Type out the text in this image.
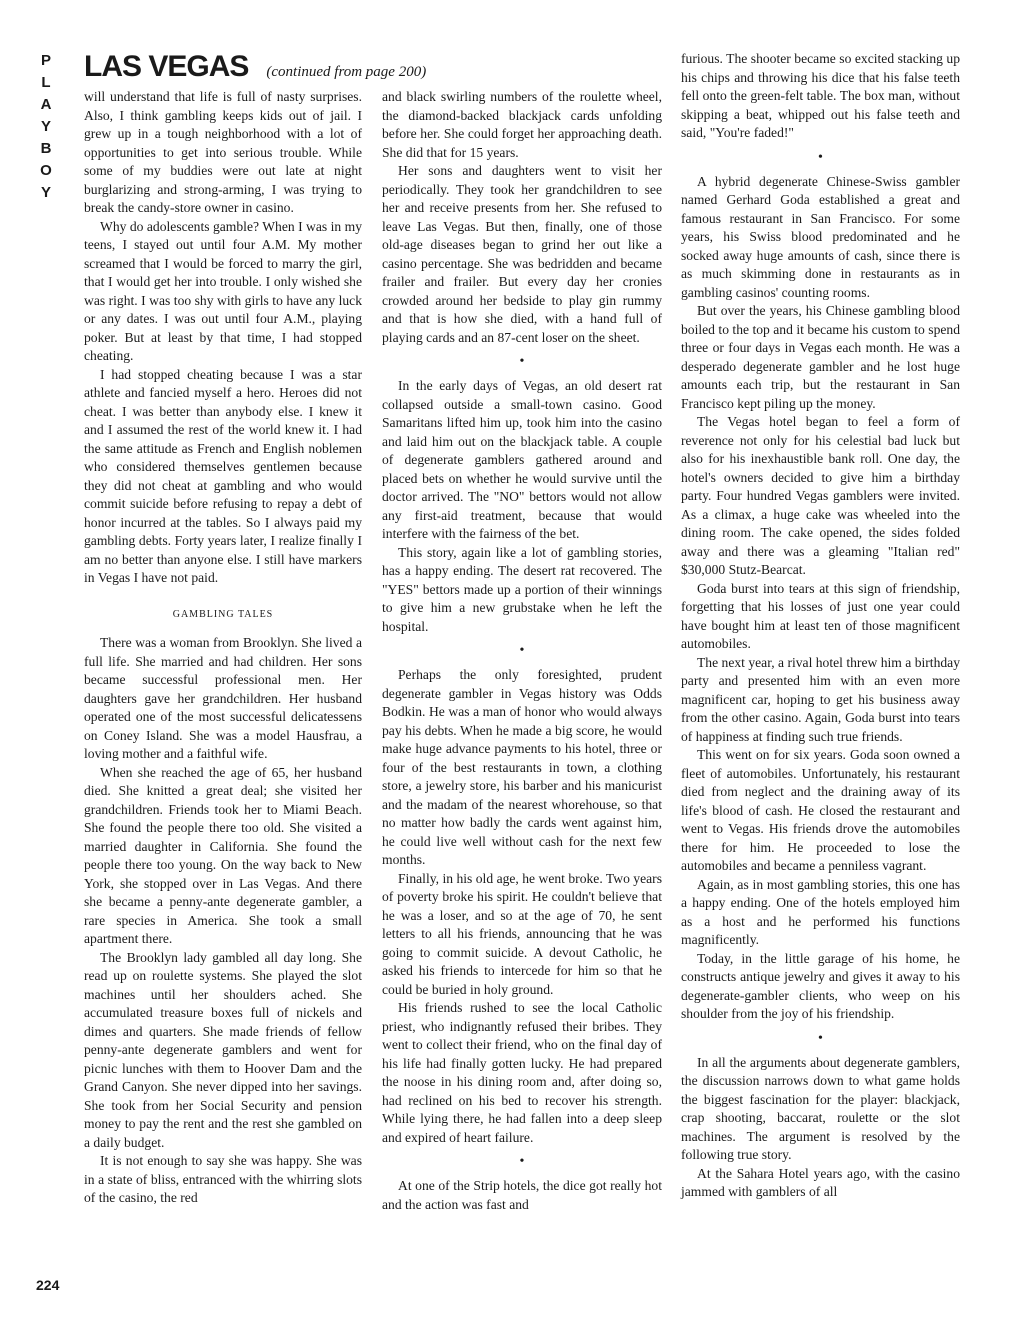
P
L
A
Y
B
O
Y
LAS VEGAS (continued from page 200)

will understand that life is full of nasty surprises. Also, I think gambling keeps kids out of jail. I grew up in a tough neighborhood with a lot of opportunities to get into serious trouble. While some of my buddies were out late at night burglarizing and strong-arming, I was trying to break the candy-store owner in casino.

Why do adolescents gamble? When I was in my teens, I stayed out until four A.M. My mother screamed that I would be forced to marry the girl, that I would get her into trouble. I only wished she was right. I was too shy with girls to have any luck or any dates. I was out until four A.M., playing poker. But at least by that time, I had stopped cheating.

I had stopped cheating because I was a star athlete and fancied myself a hero. Heroes did not cheat. I was better than anybody else. I knew it and I assumed the rest of the world knew it. I had the same attitude as French and English noblemen who considered themselves gentlemen because they did not cheat at gambling and who would commit suicide before refusing to repay a debt of honor incurred at the tables. So I always paid my gambling debts. Forty years later, I realize finally I am no better than anyone else. I still have markers in Vegas I have not paid.

GAMBLING TALES

There was a woman from Brooklyn. She lived a full life. She married and had children. Her sons became successful professional men. Her daughters gave her grandchildren. Her husband operated one of the most successful delicatessens on Coney Island. She was a model Hausfrau, a loving mother and a faithful wife.

When she reached the age of 65, her husband died. She knitted a great deal; she visited her grandchildren. Friends took her to Miami Beach. She found the people there too old. She visited a married daughter in California. She found the people there too young. On the way back to New York, she stopped over in Las Vegas. And there she became a penny-ante degenerate gambler, a rare species in America. She took a small apartment there.

The Brooklyn lady gambled all day long. She read up on roulette systems. She played the slot machines until her shoulders ached. She accumulated treasure boxes full of nickels and dimes and quarters. She made friends of fellow penny-ante degenerate gamblers and went for picnic lunches with them to Hoover Dam and the Grand Canyon. She never dipped into her savings. She took from her Social Security and pension money to pay the rent and the rest she gambled on a daily budget.

It is not enough to say she was happy. She was in a state of bliss, entranced with the whirring slots of the casino, the red

and black swirling numbers of the roulette wheel, the diamond-backed blackjack cards unfolding before her. She could forget her approaching death. She did that for 15 years.

Her sons and daughters went to visit her periodically. They took her grandchildren to see her and receive presents from her. She refused to leave Las Vegas. But then, finally, one of those old-age diseases began to grind her out like a casino percentage. She was bedridden and became frailer and frailer. But every day her cronies crowded around her bedside to play gin rummy and that is how she died, with a hand full of playing cards and an 87-cent loser on the sheet.

•

In the early days of Vegas, an old desert rat collapsed outside a small-town casino. Good Samaritans lifted him up, took him into the casino and laid him out on the blackjack table. A couple of degenerate gamblers gathered around and placed bets on whether he would survive until the doctor arrived. The "NO" bettors would not allow any first-aid treatment, because that would interfere with the fairness of the bet.

This story, again like a lot of gambling stories, has a happy ending. The desert rat recovered. The "YES" bettors made up a portion of their winnings to give him a new grubstake when he left the hospital.

•

Perhaps the only foresighted, prudent degenerate gambler in Vegas history was Odds Bodkin. He was a man of honor who would always pay his debts. When he made a big score, he would make huge advance payments to his hotel, three or four of the best restaurants in town, a clothing store, a jewelry store, his barber and his manicurist and the madam of the nearest whorehouse, so that no matter how badly the cards went against him, he could live well without cash for the next few months.

Finally, in his old age, he went broke. Two years of poverty broke his spirit. He couldn't believe that he was a loser, and so at the age of 70, he sent letters to all his friends, announcing that he was going to commit suicide. A devout Catholic, he asked his friends to intercede for him so that he could be buried in holy ground.

His friends rushed to see the local Catholic priest, who indignantly refused their bribes. They went to collect their friend, who on the final day of his life had finally gotten lucky. He had prepared the noose in his dining room and, after doing so, had reclined on his bed to recover his strength. While lying there, he had fallen into a deep sleep and expired of heart failure.

•

At one of the Strip hotels, the dice got really hot and the action was fast and

furious. The shooter became so excited stacking up his chips and throwing his dice that his false teeth fell onto the green-felt table. The box man, without skipping a beat, whipped out his false teeth and said, "You're faded!"

•

A hybrid degenerate Chinese-Swiss gambler named Gerhard Goda established a great and famous restaurant in San Francisco. For some years, his Swiss blood predominated and he socked away huge amounts of cash, since there is as much skimming done in restaurants as in gambling casinos' counting rooms.

But over the years, his Chinese gambling blood boiled to the top and it became his custom to spend three or four days in Vegas each month. He was a desperado degenerate gambler and he lost huge amounts each trip, but the restaurant in San Francisco kept piling up the money.

The Vegas hotel began to feel a form of reverence not only for his celestial bad luck but also for his inexhaustible bank roll. One day, the hotel's owners decided to give him a birthday party. Four hundred Vegas gamblers were invited. As a climax, a huge cake was wheeled into the dining room. The cake opened, the sides folded away and there was a gleaming "Italian red" $30,000 Stutz-Bearcat.

Goda burst into tears at this sign of friendship, forgetting that his losses of just one year could have bought him at least ten of those magnificent automobiles.

The next year, a rival hotel threw him a birthday party and presented him with an even more magnificent car, hoping to get his business away from the other casino. Again, Goda burst into tears of happiness at finding such true friends.

This went on for six years. Goda soon owned a fleet of automobiles. Unfortunately, his restaurant died from neglect and the draining away of its life's blood of cash. He closed the restaurant and went to Vegas. His friends drove the automobiles there for him. He proceeded to lose the automobiles and became a penniless vagrant.

Again, as in most gambling stories, this one has a happy ending. One of the hotels employed him as a host and he performed his functions magnificently.

Today, in the little garage of his home, he constructs antique jewelry and gives it away to his degenerate-gambler clients, who weep on his shoulder from the joy of his friendship.

•

In all the arguments about degenerate gamblers, the discussion narrows down to what game holds the biggest fascination for the player: blackjack, crap shooting, baccarat, roulette or the slot machines. The argument is resolved by the following true story.

At the Sahara Hotel years ago, with the casino jammed with gamblers of all

224
